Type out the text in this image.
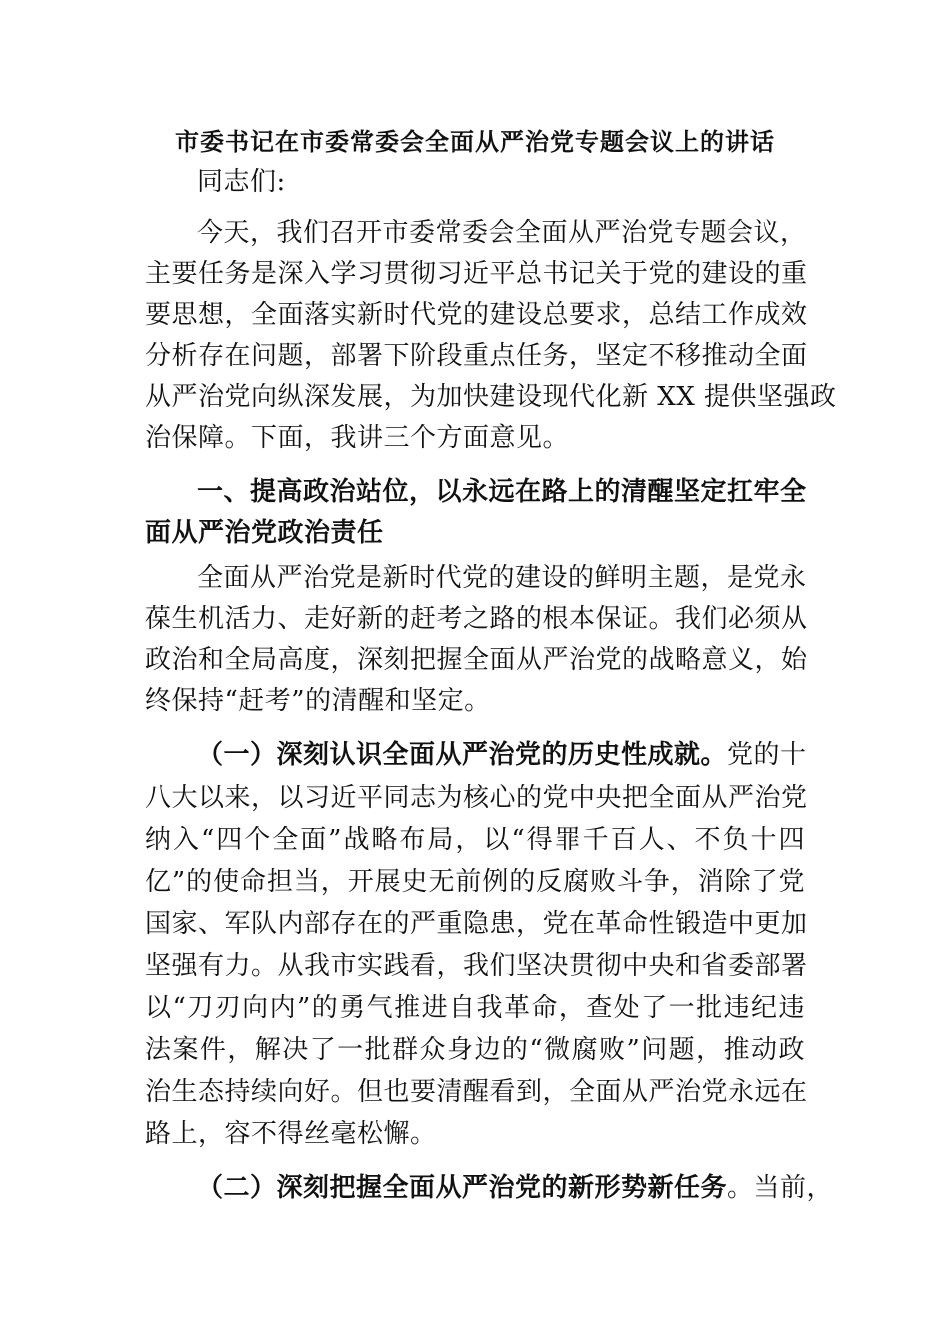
市委书记在市委常委会全面从严治党专题会议上的讲话
同志们:
今天，我们召开市委常委会全面从严治党专题会议，
主要任务是深入学习贯彻习近平总书记关于党的建设的重
要思想，全面落实新时代党的建设总要求，总结工作成效
分析存在问题，部署下阶段重点任务，坚定不移推动全面
从严治党向纵深发展，为加快建设现代化新 XX 提供坚强政
治保障。下面，我讲三个方面意见。
一、提高政治站位，以永远在路上的清醒坚定扛牢全
面从严治党政治责任
全面从严治党是新时代党的建设的鲜明主题，是党永
葆生机活力、走好新的赶考之路的根本保证。我们必须从
政治和全局高度，深刻把握全面从严治党的战略意义，始
终保持“赶考”的清醒和坚定。
（一）深刻认识全面从严治党的历史性成就。 党的十
八大以来，以习近平同志为核心的党中央把全面从严治党
纳入“四个全面”战略布局，以“得罪千百人、不负十四
亿”的使命担当，开展史无前例的反腐败斗争，消除了党
国家、军队内部存在的严重隐患，党在革命性锻造中更加
坚强有力。从我市实践看，我们坚决贯彻中央和省委部署
以“刀刃向内”的勇气推进自我革命，查处了一批违纪违
法案件，解决了一批群众身边的“微腐败”问题，推动政
治生态持续向好。但也要清醒看到，全面从严治党永远在
路上，容不得丝毫松懈。
（二）深刻把握全面从严治党的新形势新任务 。当前，
